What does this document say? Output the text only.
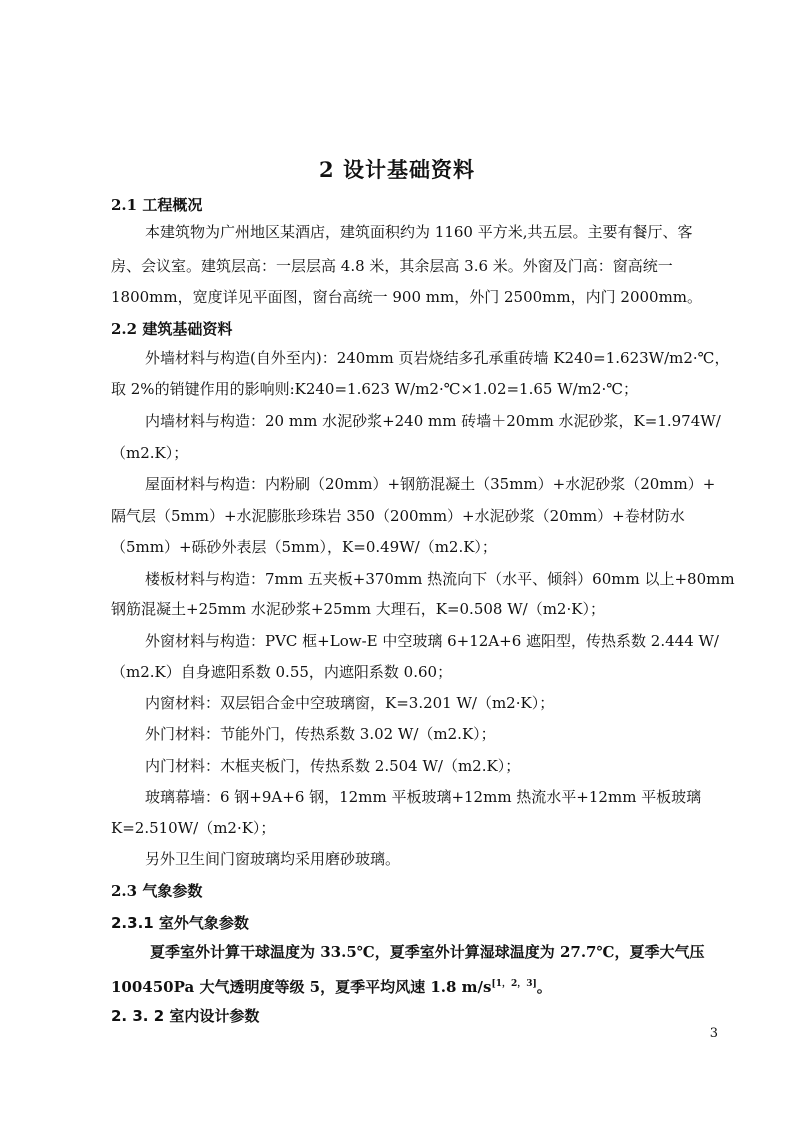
2 设计基础资料
2.1 工程概况
本建筑物为广州地区某酒店，建筑面积约为 1160 平方米,共五层。主要有餐厅、客
房、会议室。建筑层高：一层层高 4.8 米，其余层高 3.6 米。外窗及门高：窗高统一
1800mm，宽度详见平面图，窗台高统一 900 mm，外门 2500mm，内门 2000mm。
2.2 建筑基础资料
外墙材料与构造(自外至内)：240mm 页岩烧结多孔承重砖墙 K240=1.623W/m2·℃，
取 2%的销键作用的影响则:K240=1.623 W/m2·℃×1.02=1.65 W/m2·℃；
内墙材料与构造：20 mm 水泥砂浆+240 mm 砖墙＋20mm 水泥砂浆，K=1.974W/
（m2.K）；
屋面材料与构造：内粉刷（20mm）+钢筋混凝土（35mm）+水泥砂浆（20mm）+
隔气层（5mm）+水泥膨胀珍珠岩 350（200mm）+水泥砂浆（20mm）+卷材防水
（5mm）+砾砂外表层（5mm），K=0.49W/（m2.K）；
楼板材料与构造：7mm 五夹板+370mm 热流向下（水平、倾斜）60mm 以上+80mm
钢筋混凝土+25mm 水泥砂浆+25mm 大理石，K=0.508 W/（m2·K）；
外窗材料与构造：PVC 框+Low-E 中空玻璃 6+12A+6 遮阳型，传热系数 2.444 W/
（m2.K）自身遮阳系数 0.55，内遮阳系数 0.60；
内窗材料：双层铝合金中空玻璃窗，K=3.201 W/（m2·K）；
外门材料：节能外门，传热系数 3.02 W/（m2.K）；
内门材料：木框夹板门，传热系数 2.504 W/（m2.K）；
玻璃幕墙：6 钢+9A+6 钢，12mm 平板玻璃+12mm 热流水平+12mm 平板玻璃
K=2.510W/（m2·K）；
另外卫生间门窗玻璃均采用磨砂玻璃。
2.3 气象参数
2.3.1 室外气象参数
夏季室外计算干球温度为 33.5℃，夏季室外计算湿球温度为 27.7℃，夏季大气压
100450Pa 大气透明度等级 5，夏季平均风速 1.8 m/s[1，2，3]。
2. 3. 2 室内设计参数
3
